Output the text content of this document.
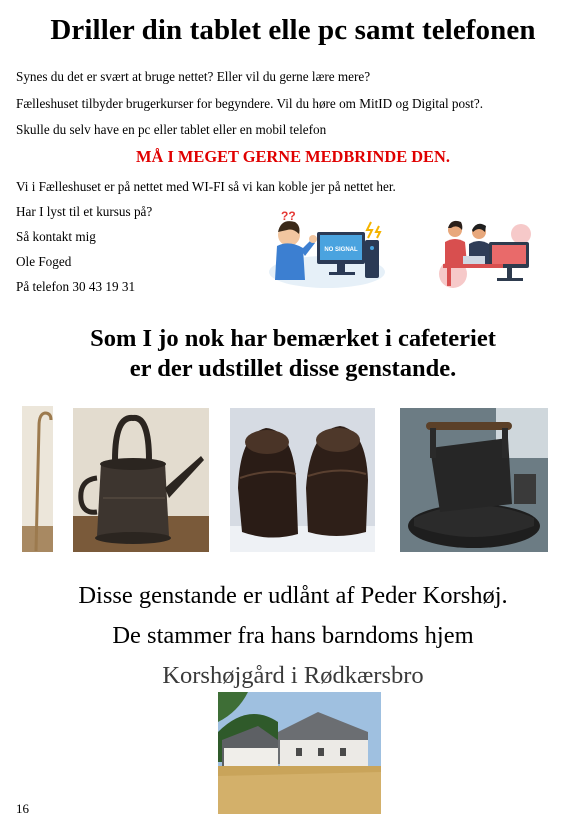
Driller din tablet elle pc samt telefonen
Synes du det er svært at bruge nettet? Eller vil du gerne lære mere?
Fælleshuset tilbyder brugerkurser for begyndere. Vil du høre om MitID og Digital post?.
Skulle du selv have en pc eller tablet eller en mobil telefon
MÅ I MEGET GERNE MEDBRINDE DEN.
Vi i Fælleshuset er på nettet med WI-FI så vi kan koble jer på nettet her.
Har I lyst til et kursus på?
Så kontakt mig
Ole Foged
På telefon 30 43 19 31
NO SIGNAL
??
Som I jo nok har bemærket i cafeteriet
er der udstillet disse genstande.
Disse genstande er udlånt af Peder Korshøj.
De stammer fra hans barndoms hjem
Korshøjgård i Rødkærsbro
16
